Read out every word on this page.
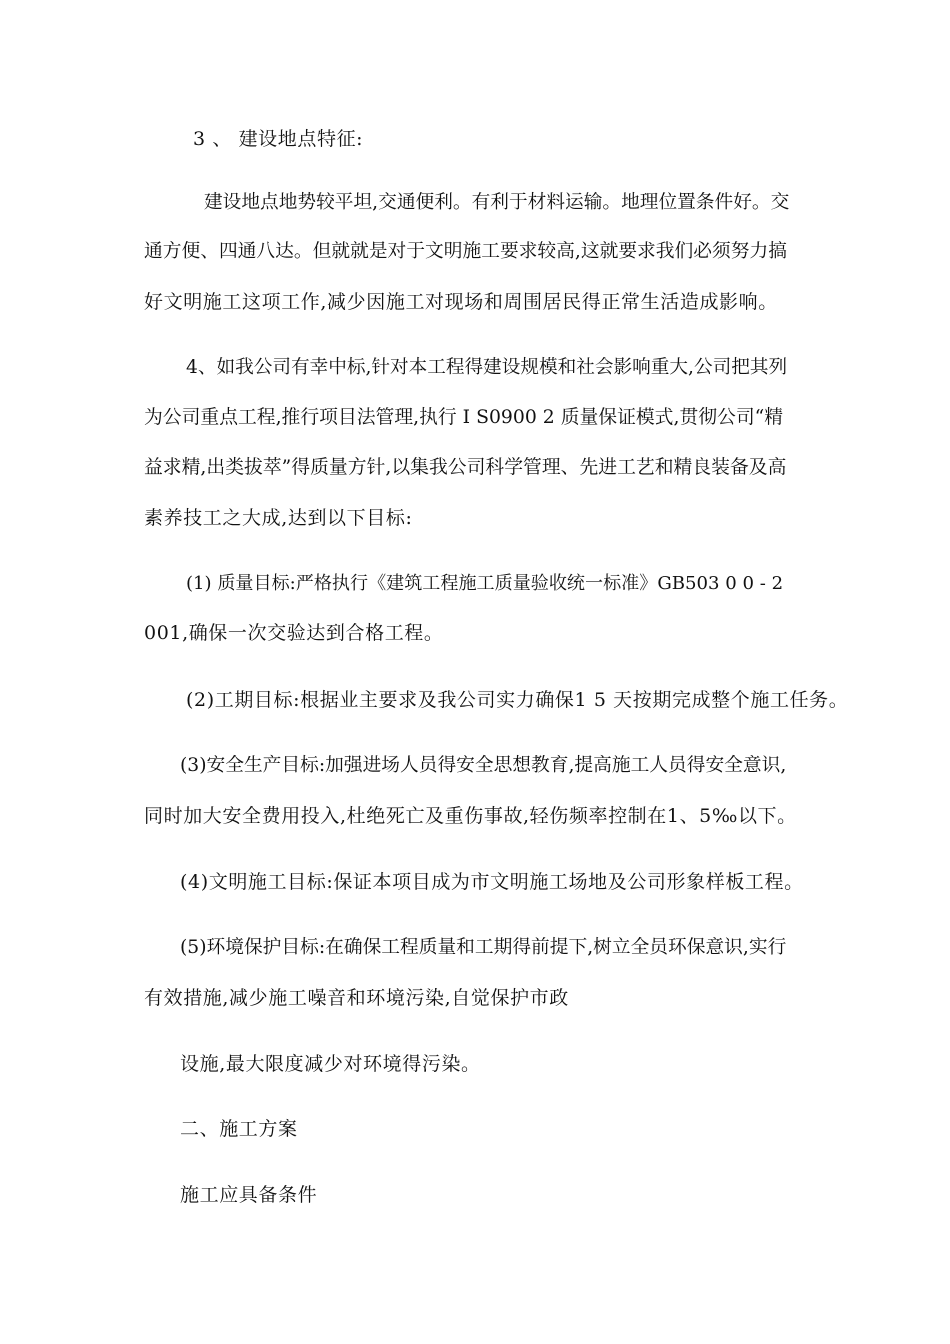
3 、 建设地点特征:
建设地点地势较平坦,交通便利。有利于材料运输。地理位置条件好。交
通方便、四通八达。但就就是对于文明施工要求较高,这就要求我们必须努力搞
好文明施工这项工作,减少因施工对现场和周围居民得正常生活造成影响。
4、如我公司有幸中标,针对本工程得建设规模和社会影响重大,公司把其列
为公司重点工程,推行项目法管理,执行 I S0900 2 质量保证模式,贯彻公司“精
益求精,出类拔萃”得质量方针,以集我公司科学管理、先进工艺和精良装备及高
素养技工之大成,达到以下目标:
(1) 质量目标:严格执行《建筑工程施工质量验收统一标准》GB503 0 0 - 2
001,确保一次交验达到合格工程。
(2)工期目标:根据业主要求及我公司实力确保1 5 天按期完成整个施工任务。
(3)安全生产目标:加强进场人员得安全思想教育,提高施工人员得安全意识,
同时加大安全费用投入,杜绝死亡及重伤事故,轻伤频率控制在1、5‰以下。
(4)文明施工目标:保证本项目成为市文明施工场地及公司形象样板工程。
(5)环境保护目标:在确保工程质量和工期得前提下,树立全员环保意识,实行
有效措施,减少施工噪音和环境污染,自觉保护市政
设施,最大限度减少对环境得污染。
二、施工方案
施工应具备条件
